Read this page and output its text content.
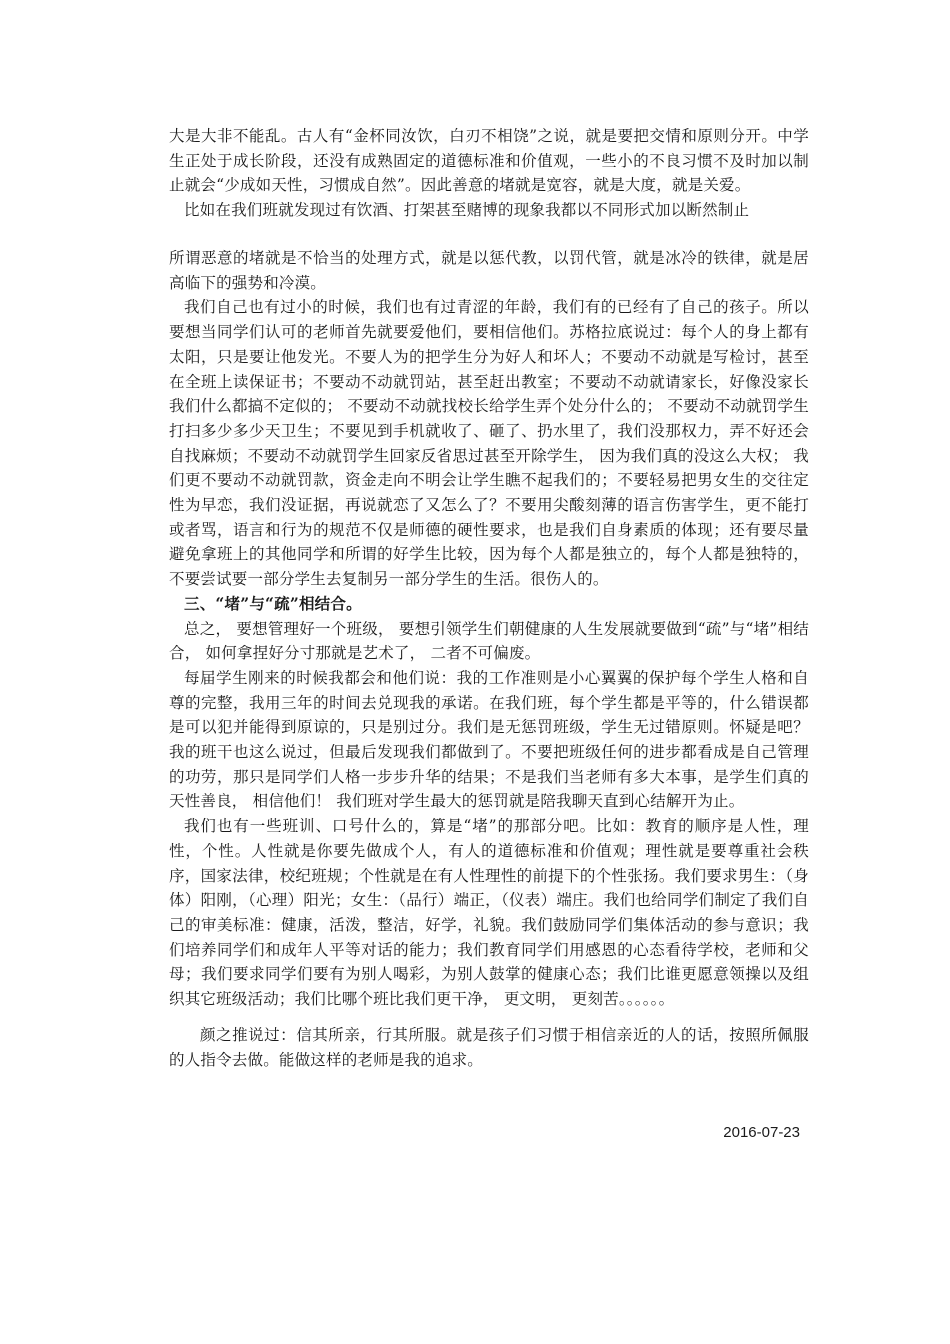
大是大非不能乱。古人有“金杯同汝饮，白刃不相饶”之说，就是要把交情和原则分开。中学生正处于成长阶段，还没有成熟固定的道德标准和价值观，一些小的不良习惯不及时加以制止就会“少成如天性，习惯成自然”。因此善意的堵就是宽容，就是大度，就是关爱。

比如在我们班就发现过有饮酒、打架甚至赌博的现象我都以不同形式加以断然制止

所谓恶意的堵就是不恰当的处理方式，就是以惩代教，以罚代管，就是冰冷的铁律，就是居高临下的强势和冷漠。

我们自己也有过小的时候，我们也有过青涩的年龄，我们有的已经有了自己的孩子。所以要想当同学们认可的老师首先就要爱他们，要相信他们。苏格拉底说过：每个人的身上都有太阳，只是要让他发光。不要人为的把学生分为好人和坏人；不要动不动就是写检讨，甚至在全班上读保证书；不要动不动就罚站，甚至赶出教室；不要动不动就请家长，好像没家长我们什么都搞不定似的； 不要动不动就找校长给学生弄个处分什么的； 不要动不动就罚学生打扫多少多少天卫生；不要见到手机就收了、砸了、扔水里了，我们没那权力，弄不好还会自找麻烦；不要动不动就罚学生回家反省思过甚至开除学生， 因为我们真的没这么大权； 我们更不要动不动就罚款，资金走向不明会让学生瞧不起我们的；不要轻易把男女生的交往定性为早恋，我们没证据，再说就恋了又怎么了？不要用尖酸刻薄的语言伤害学生，更不能打或者骂，语言和行为的规范不仅是师德的硬性要求，也是我们自身素质的体现；还有要尽量避免拿班上的其他同学和所谓的好学生比较，因为每个人都是独立的，每个人都是独特的，不要尝试要一部分学生去复制另一部分学生的生活。很伤人的。

三、“堵”与“疏”相结合。

总之， 要想管理好一个班级， 要想引领学生们朝健康的人生发展就要做到“疏”与“堵”相结合， 如何拿捏好分寸那就是艺术了， 二者不可偏废。

每届学生刚来的时候我都会和他们说：我的工作准则是小心翼翼的保护每个学生人格和自尊的完整，我用三年的时间去兑现我的承诺。在我们班，每个学生都是平等的，什么错误都是可以犯并能得到原谅的，只是别过分。我们是无惩罚班级，学生无过错原则。怀疑是吧？ 我的班干也这么说过，但最后发现我们都做到了。不要把班级任何的进步都看成是自己管理的功劳，那只是同学们人格一步步升华的结果；不是我们当老师有多大本事，是学生们真的天性善良， 相信他们！ 我们班对学生最大的惩罚就是陪我聊天直到心结解开为止。

我们也有一些班训、口号什么的，算是“堵”的那部分吧。比如：教育的顺序是人性，理性，个性。人性就是你要先做成个人，有人的道德标准和价值观；理性就是要尊重社会秩序，国家法律，校纪班规；个性就是在有人性理性的前提下的个性张扬。我们要求男生：（身体）阳刚，（心理）阳光；女生：（品行）端正，（仪表）端庄。我们也给同学们制定了我们自己的审美标准：健康，活泼，整洁，好学，礼貌。我们鼓励同学们集体活动的参与意识；我们培养同学们和成年人平等对话的能力；我们教育同学们用感恩的心态看待学校，老师和父母；我们要求同学们要有为别人喝彩，为别人鼓掌的健康心态；我们比谁更愿意领操以及组织其它班级活动；我们比哪个班比我们更干净， 更文明， 更刻苦。。。。。。

颜之推说过：信其所亲，行其所服。就是孩子们习惯于相信亲近的人的话，按照所佩服的人指令去做。能做这样的老师是我的追求。

2016-07-23
